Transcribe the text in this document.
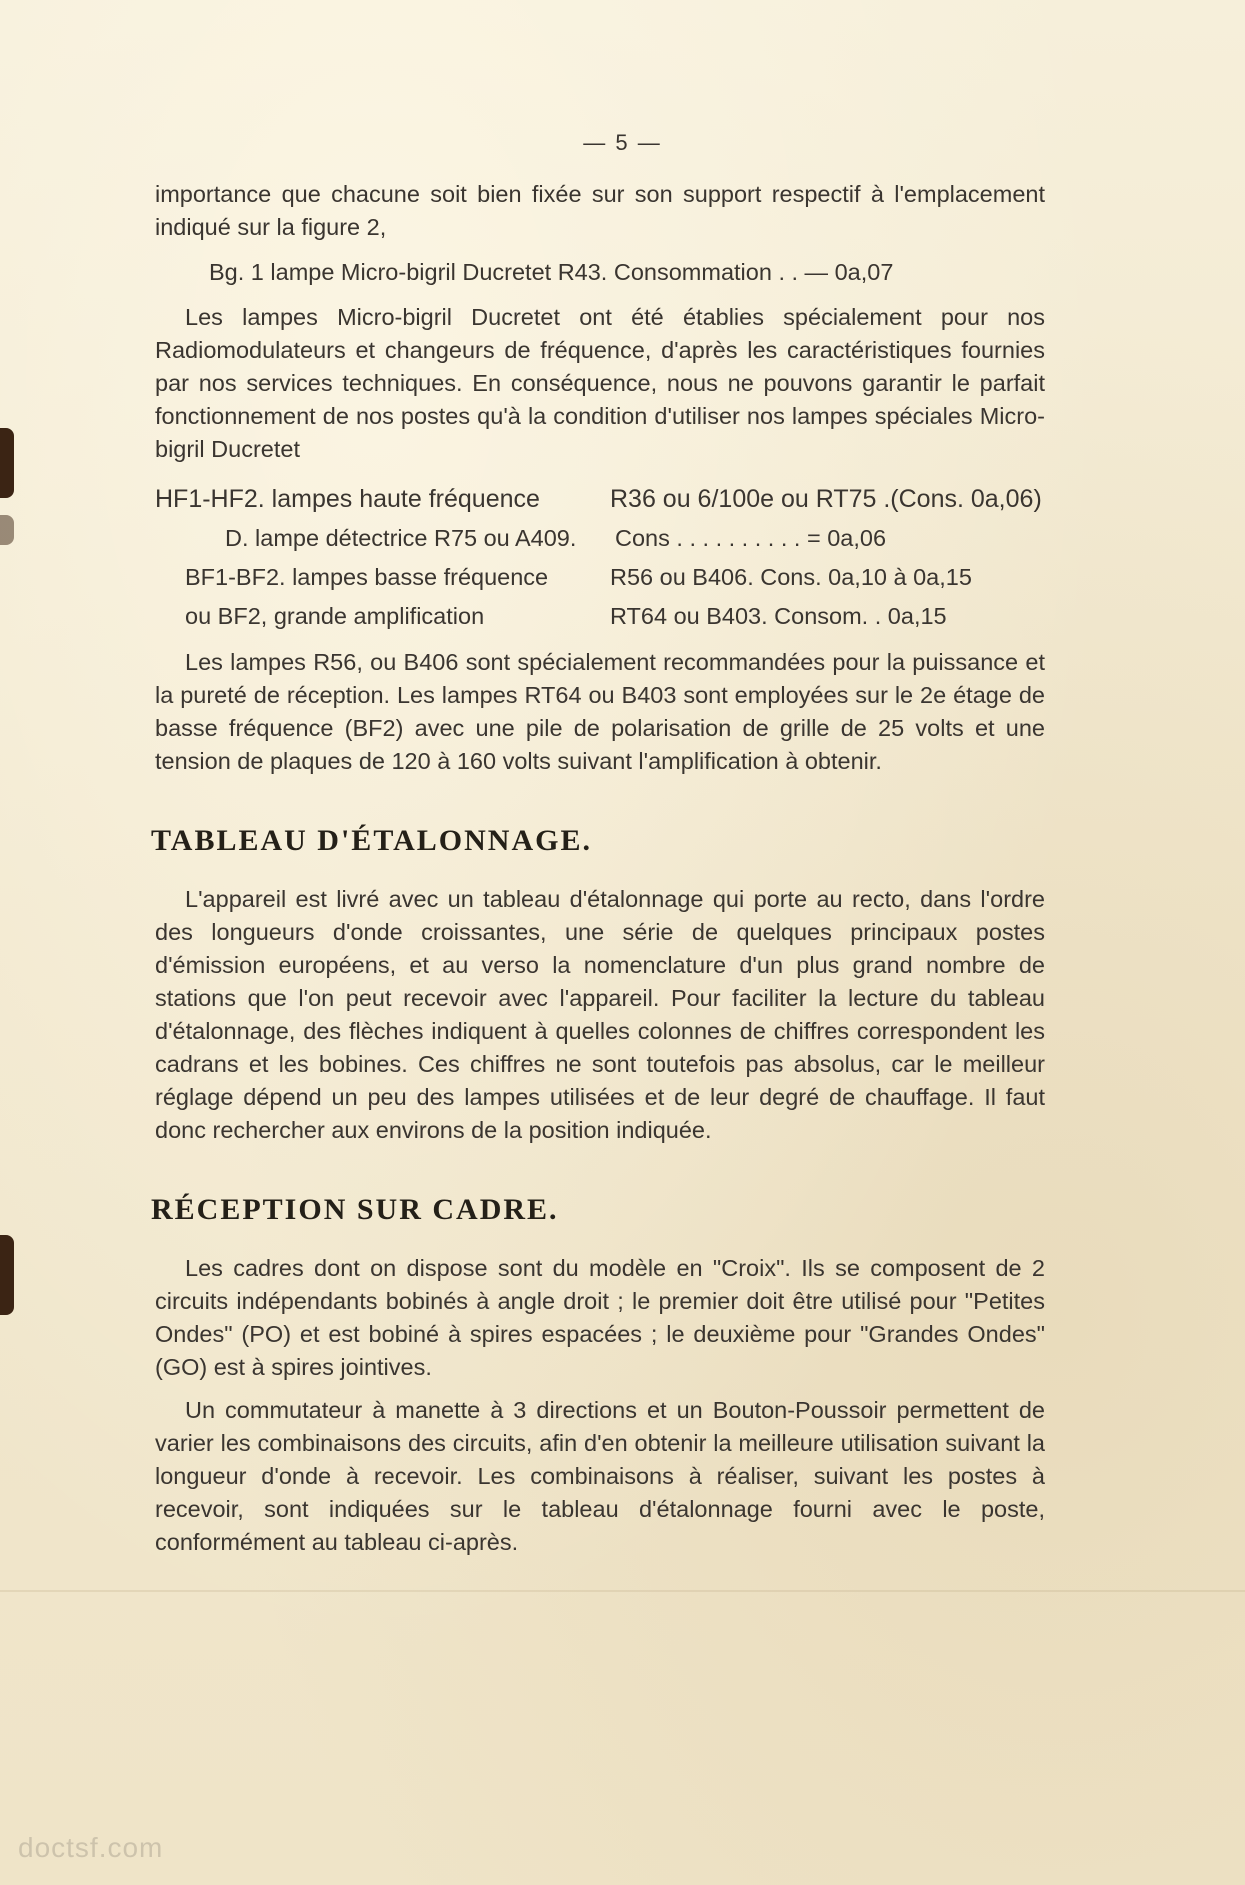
— 5 —

importance que chacune soit bien fixée sur son support respectif à l'emplacement indiqué sur la figure 2,

Bg. 1 lampe Micro-bigril Ducretet R43. Consommation . . — 0a,07

Les lampes Micro-bigril Ducretet ont été établies spécialement pour nos Radiomodulateurs et changeurs de fréquence, d'après les caractéristiques fournies par nos services techniques. En conséquence, nous ne pouvons garantir le parfait fonctionnement de nos postes qu'à la condition d'utiliser nos lampes spéciales Micro-bigril Ducretet

HF1-HF2. lampes haute fréquence	R36 ou 6/100e ou RT75 .(Cons. 0a,06)
D. lampe détectrice R75 ou A409. Cons . . . . . . . . . . = 0a,06
BF1-BF2. lampes basse fréquence	R56 ou B406. Cons. 0a,10 à 0a,15
ou BF2, grande amplification	RT64 ou B403. Consom. . 0a,15

Les lampes R56, ou B406 sont spécialement recommandées pour la puissance et la pureté de réception. Les lampes RT64 ou B403 sont employées sur le 2e étage de basse fréquence (BF2) avec une pile de polarisation de grille de 25 volts et une tension de plaques de 120 à 160 volts suivant l'amplification à obtenir.

TABLEAU D'ÉTALONNAGE.

L'appareil est livré avec un tableau d'étalonnage qui porte au recto, dans l'ordre des longueurs d'onde croissantes, une série de quelques principaux postes d'émission européens, et au verso la nomenclature d'un plus grand nombre de stations que l'on peut recevoir avec l'appareil. Pour faciliter la lecture du tableau d'étalonnage, des flèches indiquent à quelles colonnes de chiffres correspondent les cadrans et les bobines. Ces chiffres ne sont toutefois pas absolus, car le meilleur réglage dépend un peu des lampes utilisées et de leur degré de chauffage. Il faut donc rechercher aux environs de la position indiquée.

RÉCEPTION SUR CADRE.

Les cadres dont on dispose sont du modèle en "Croix". Ils se composent de 2 circuits indépendants bobinés à angle droit ; le premier doit être utilisé pour "Petites Ondes" (PO) et est bobiné à spires espacées ; le deuxième pour "Grandes Ondes" (GO) est à spires jointives.

Un commutateur à manette à 3 directions et un Bouton-Poussoir permettent de varier les combinaisons des circuits, afin d'en obtenir la meilleure utilisation suivant la longueur d'onde à recevoir. Les combinaisons à réaliser, suivant les postes à recevoir, sont indiquées sur le tableau d'étalonnage fourni avec le poste, conformément au tableau ci-après.

doctsf.com
